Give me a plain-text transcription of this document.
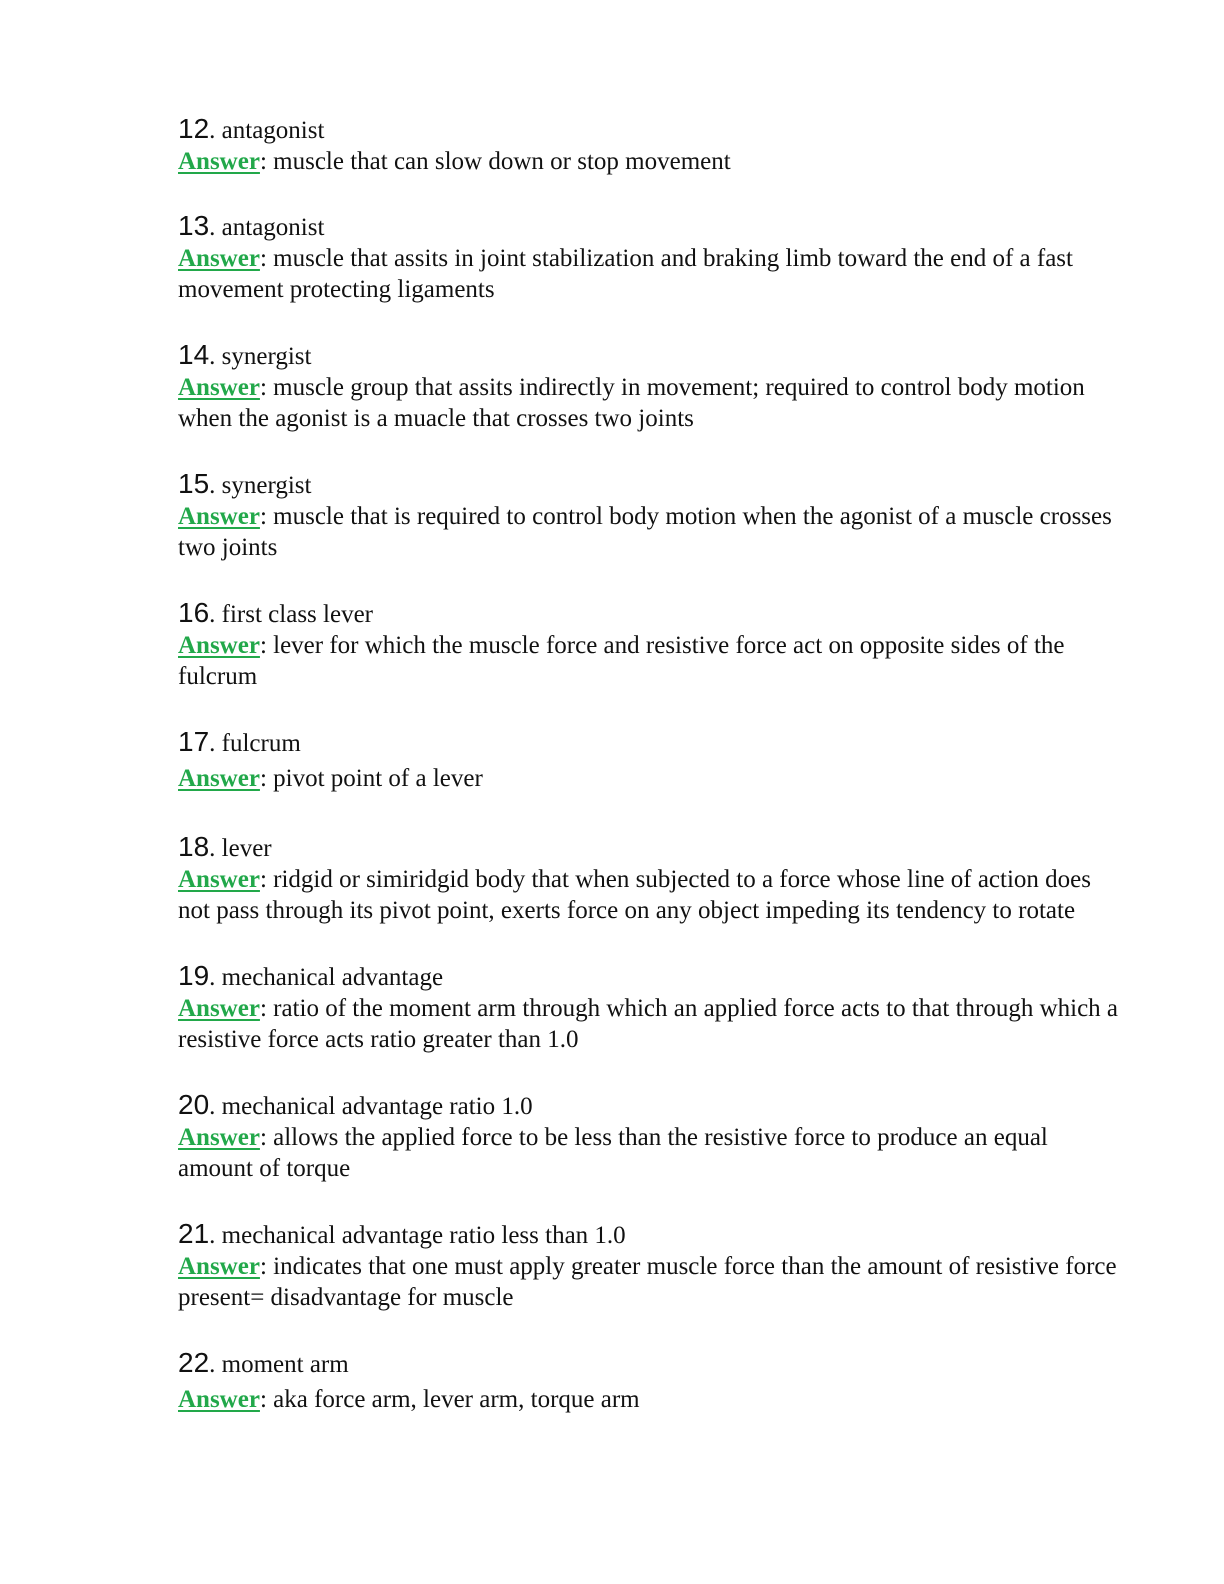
12. antagonist
Answer: muscle that can slow down or stop movement
13. antagonist
Answer: muscle that assits in joint stabilization and braking limb toward the end of a fast movement protecting ligaments
14. synergist
Answer: muscle group that assits indirectly in movement; required to control body motion when the agonist is a muacle that crosses two joints
15. synergist
Answer: muscle that is required to control body motion when the agonist of a muscle crosses two joints
16. first class lever
Answer: lever for which the muscle force and resistive force act on opposite sides of the fulcrum
17. fulcrum
Answer: pivot point of a lever
18. lever
Answer: ridgid or simiridgid body that when subjected to a force whose line of action does not pass through its pivot point, exerts force on any object impeding its tendency to rotate
19. mechanical advantage
Answer: ratio of the moment arm through which an applied force acts to that through which a resistive force acts ratio greater than 1.0
20. mechanical advantage ratio 1.0
Answer: allows the applied force to be less than the resistive force to produce an equal amount of torque
21. mechanical advantage ratio less than 1.0
Answer: indicates that one must apply greater muscle force than the amount of resistive force present= disadvantage for muscle
22. moment arm
Answer: aka force arm, lever arm, torque arm
